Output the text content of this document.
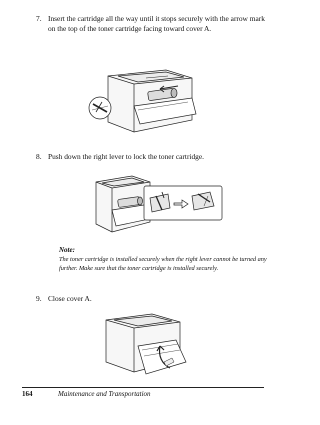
7. Insert the cartridge all the way until it stops securely with the arrow mark on the top of the toner cartridge facing toward cover A.
8. Push down the right lever to lock the toner cartridge.
Note:
The toner cartridge is installed securely when the right lever cannot be turned any further. Make sure that the toner cartridge is installed securely.
9. Close cover A.
164	Maintenance and Transportation
